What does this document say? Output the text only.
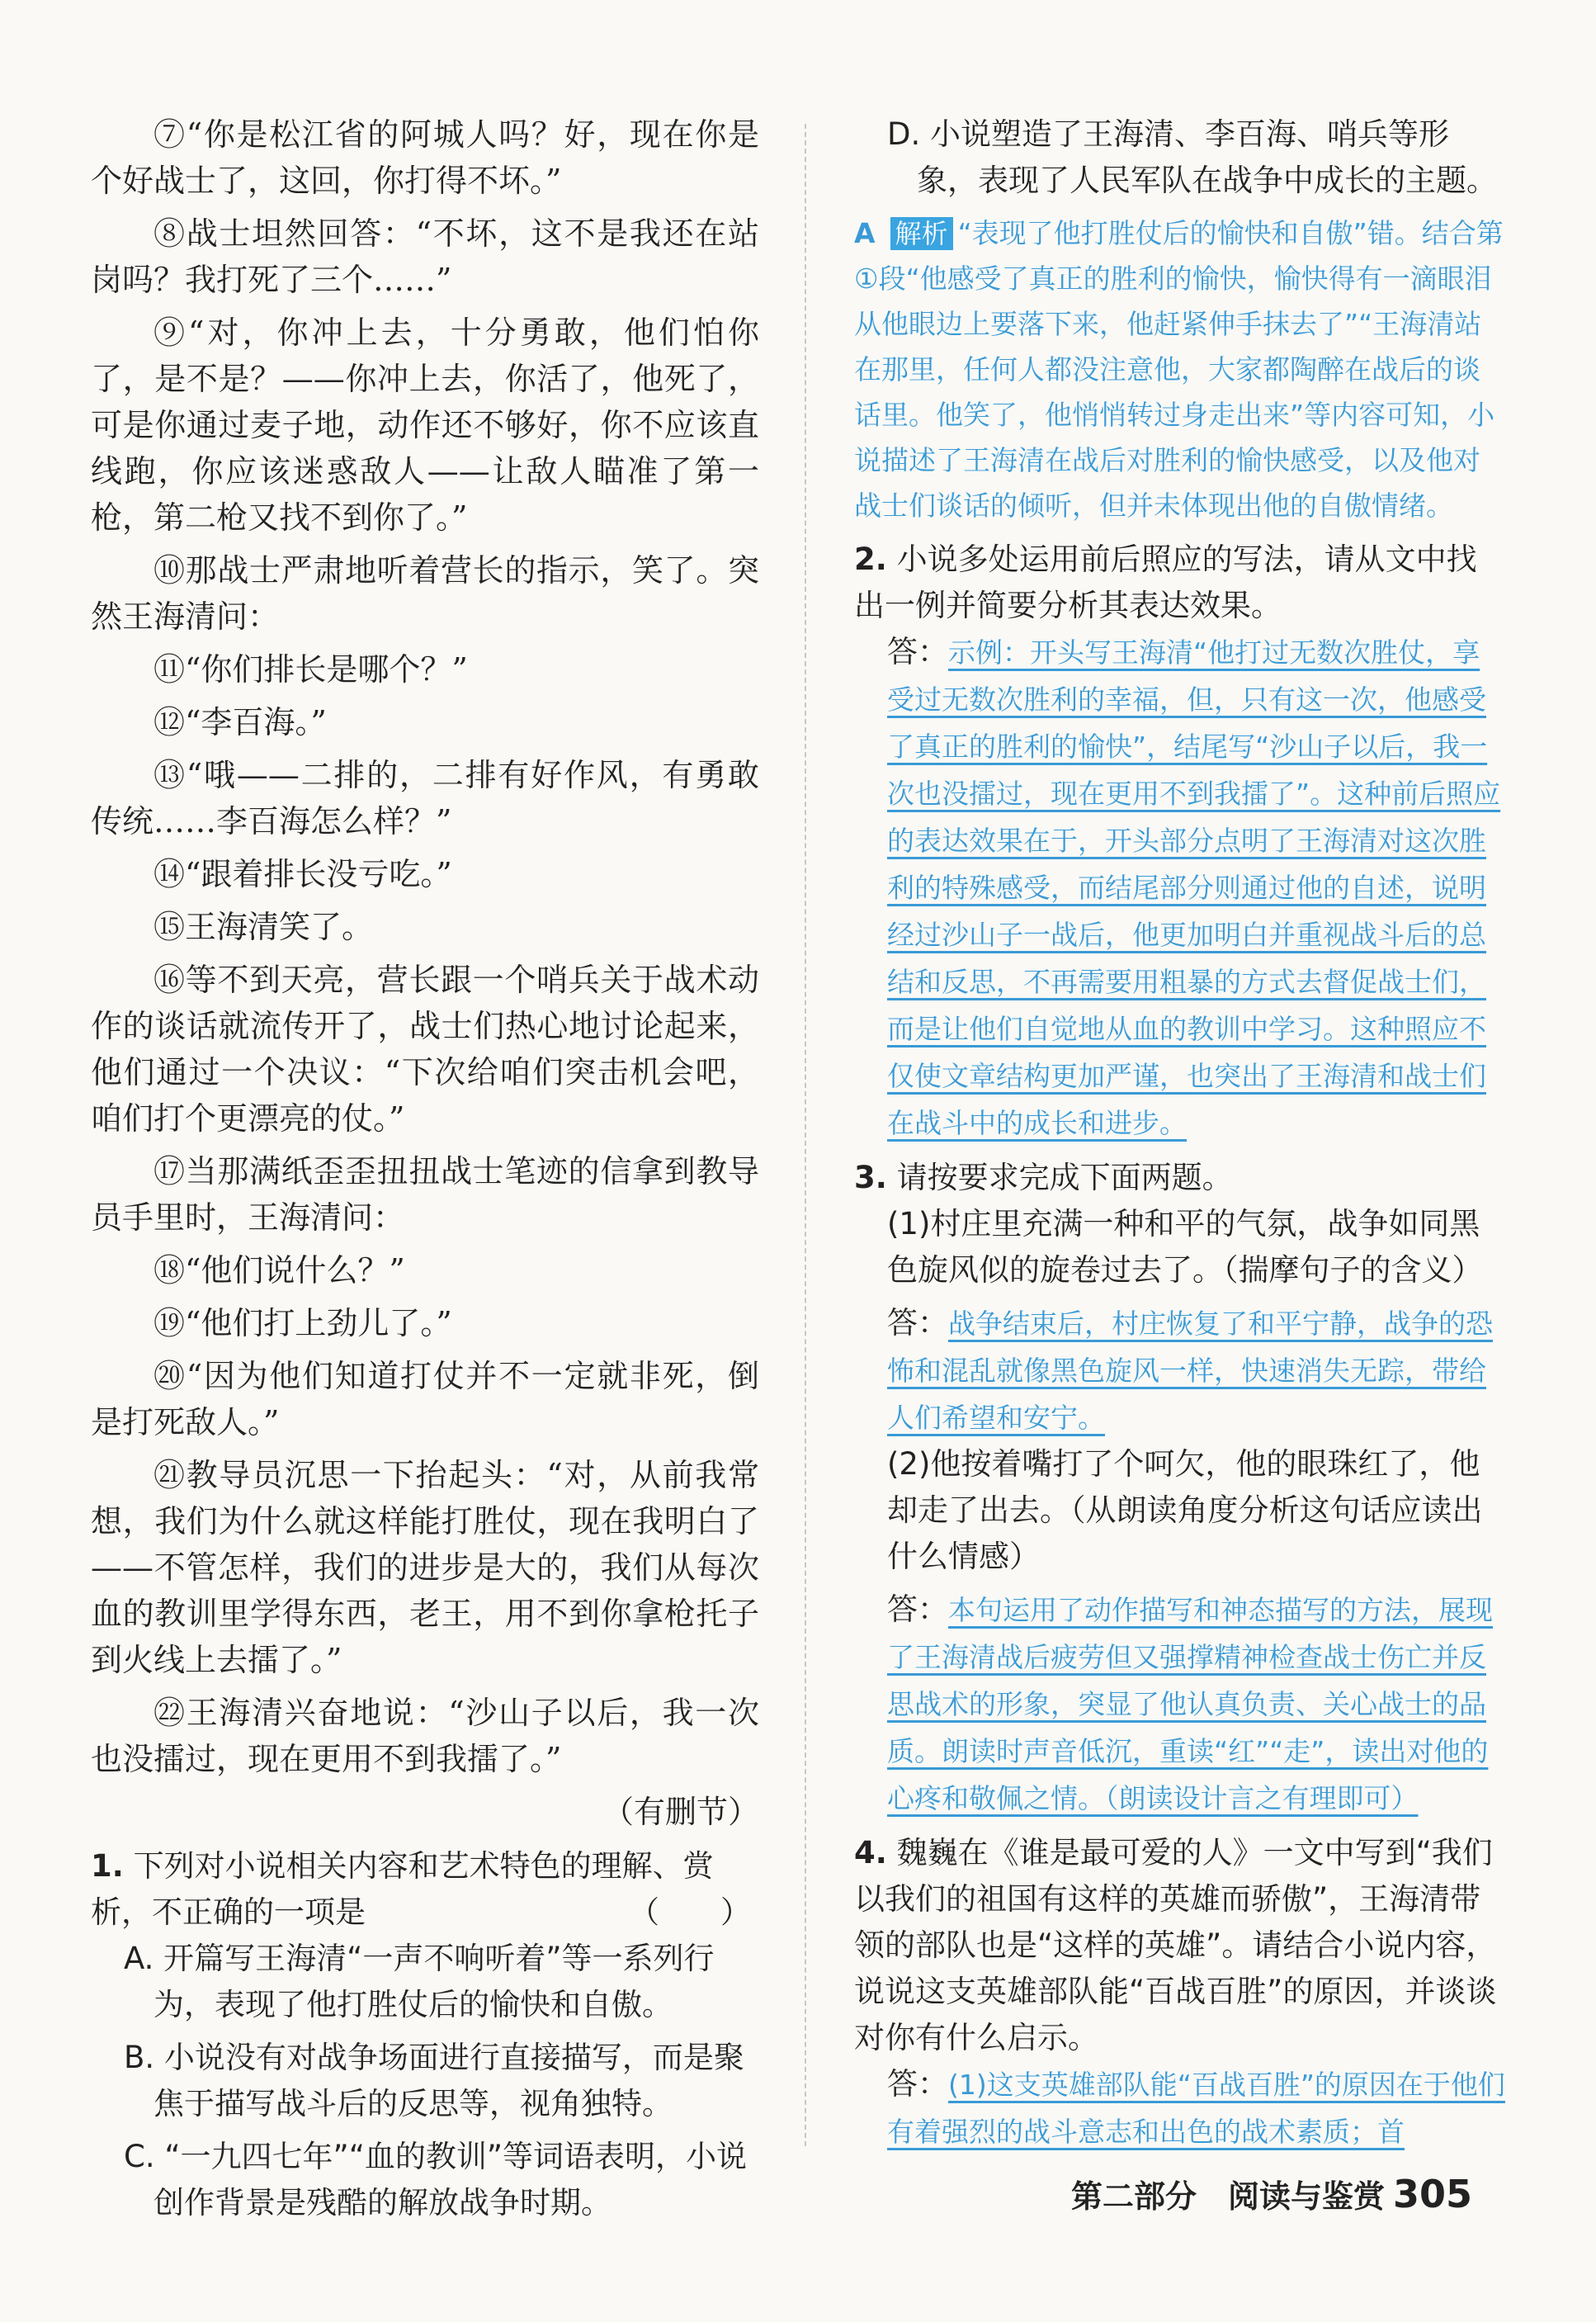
⑦“你是松江省的阿城人吗？好，现在你是个好战士了，这回，你打得不坏。”

⑧战士坦然回答：“不坏，这不是我还在站岗吗？我打死了三个……”

⑨“对，你冲上去，十分勇敢，他们怕你了，是不是？——你冲上去，你活了，他死了，可是你通过麦子地，动作还不够好，你不应该直线跑，你应该迷惑敌人——让敌人瞄准了第一枪，第二枪又找不到你了。”

⑩那战士严肃地听着营长的指示，笑了。突然王海清问：

⑪“你们排长是哪个？”

⑫“李百海。”

⑬“哦——二排的，二排有好作风，有勇敢传统……李百海怎么样？”

⑭“跟着排长没亏吃。”

⑮王海清笑了。

⑯等不到天亮，营长跟一个哨兵关于战术动作的谈话就流传开了，战士们热心地讨论起来，他们通过一个决议：“下次给咱们突击机会吧，咱们打个更漂亮的仗。”

⑰当那满纸歪歪扭扭战士笔迹的信拿到教导员手里时，王海清问：

⑱“他们说什么？”

⑲“他们打上劲儿了。”

⑳“因为他们知道打仗并不一定就非死，倒是打死敌人。”

㉑教导员沉思一下抬起头：“对，从前我常想，我们为什么就这样能打胜仗，现在我明白了——不管怎样，我们的进步是大的，我们从每次血的教训里学得东西，老王，用不到你拿枪托子到火线上去擂了。”

㉒王海清兴奋地说：“沙山子以后，我一次也没擂过，现在更用不到我擂了。”

（有删节）

1. 下列对小说相关内容和艺术特色的理解、赏析，不正确的一项是	（　　）

A. 开篇写王海清“一声不响听着”等一系列行为，表现了他打胜仗后的愉快和自傲。

B. 小说没有对战争场面进行直接描写，而是聚焦于描写战斗后的反思等，视角独特。

C. “一九四七年”“血的教训”等词语表明，小说创作背景是残酷的解放战争时期。

D. 小说塑造了王海清、李百海、哨兵等形象，表现了人民军队在战争中成长的主题。

A 解析 “表现了他打胜仗后的愉快和自傲”错。结合第①段“他感受了真正的胜利的愉快，愉快得有一滴眼泪从他眼边上要落下来，他赶紧伸手抹去了”“王海清站在那里，任何人都没注意他，大家都陶醉在战后的谈话里。他笑了，他悄悄转过身走出来”等内容可知，小说描述了王海清在战后对胜利的愉快感受，以及他对战士们谈话的倾听，但并未体现出他的自傲情绪。
2. 小说多处运用前后照应的写法，请从文中找出一例并简要分析其表达效果。
答：示例：开头写王海清“他打过无数次胜仗，享受过无数次胜利的幸福，但，只有这一次，他感受了真正的胜利的愉快”，结尾写“沙山子以后，我一次也没擂过，现在更用不到我擂了”。这种前后照应的表达效果在于，开头部分点明了王海清对这次胜利的特殊感受，而结尾部分则通过他的自述，说明经过沙山子一战后，他更加明白并重视战斗后的总结和反思，不再需要用粗暴的方式去督促战士们，而是让他们自觉地从血的教训中学习。这种照应不仅使文章结构更加严谨，也突出了王海清和战士们在战斗中的成长和进步。
3. 请按要求完成下面两题。

(1)村庄里充满一种和平的气氛，战争如同黑色旋风似的旋卷过去了。（揣摩句子的含义）

答：战争结束后，村庄恢复了和平宁静，战争的恐怖和混乱就像黑色旋风一样，快速消失无踪，带给人们希望和安宁。

(2)他按着嘴打了个呵欠，他的眼珠红了，他却走了出去。（从朗读角度分析这句话应读出什么情感）

答：本句运用了动作描写和神态描写的方法，展现了王海清战后疲劳但又强撑精神检查战士伤亡并反思战术的形象，突显了他认真负责、关心战士的品质。朗读时声音低沉，重读“红”“走”，读出对他的心疼和敬佩之情。（朗读设计言之有理即可）
4. 魏巍在《谁是最可爱的人》一文中写到“我们以我们的祖国有这样的英雄而骄傲”，王海清带领的部队也是“这样的英雄”。请结合小说内容，说说这支英雄部队能“百战百胜”的原因，并谈谈对你有什么启示。
答：(1)这支英雄部队能“百战百胜”的原因在于他们有着强烈的战斗意志和出色的战术素质；首
第二部分　阅读与鉴赏 305
